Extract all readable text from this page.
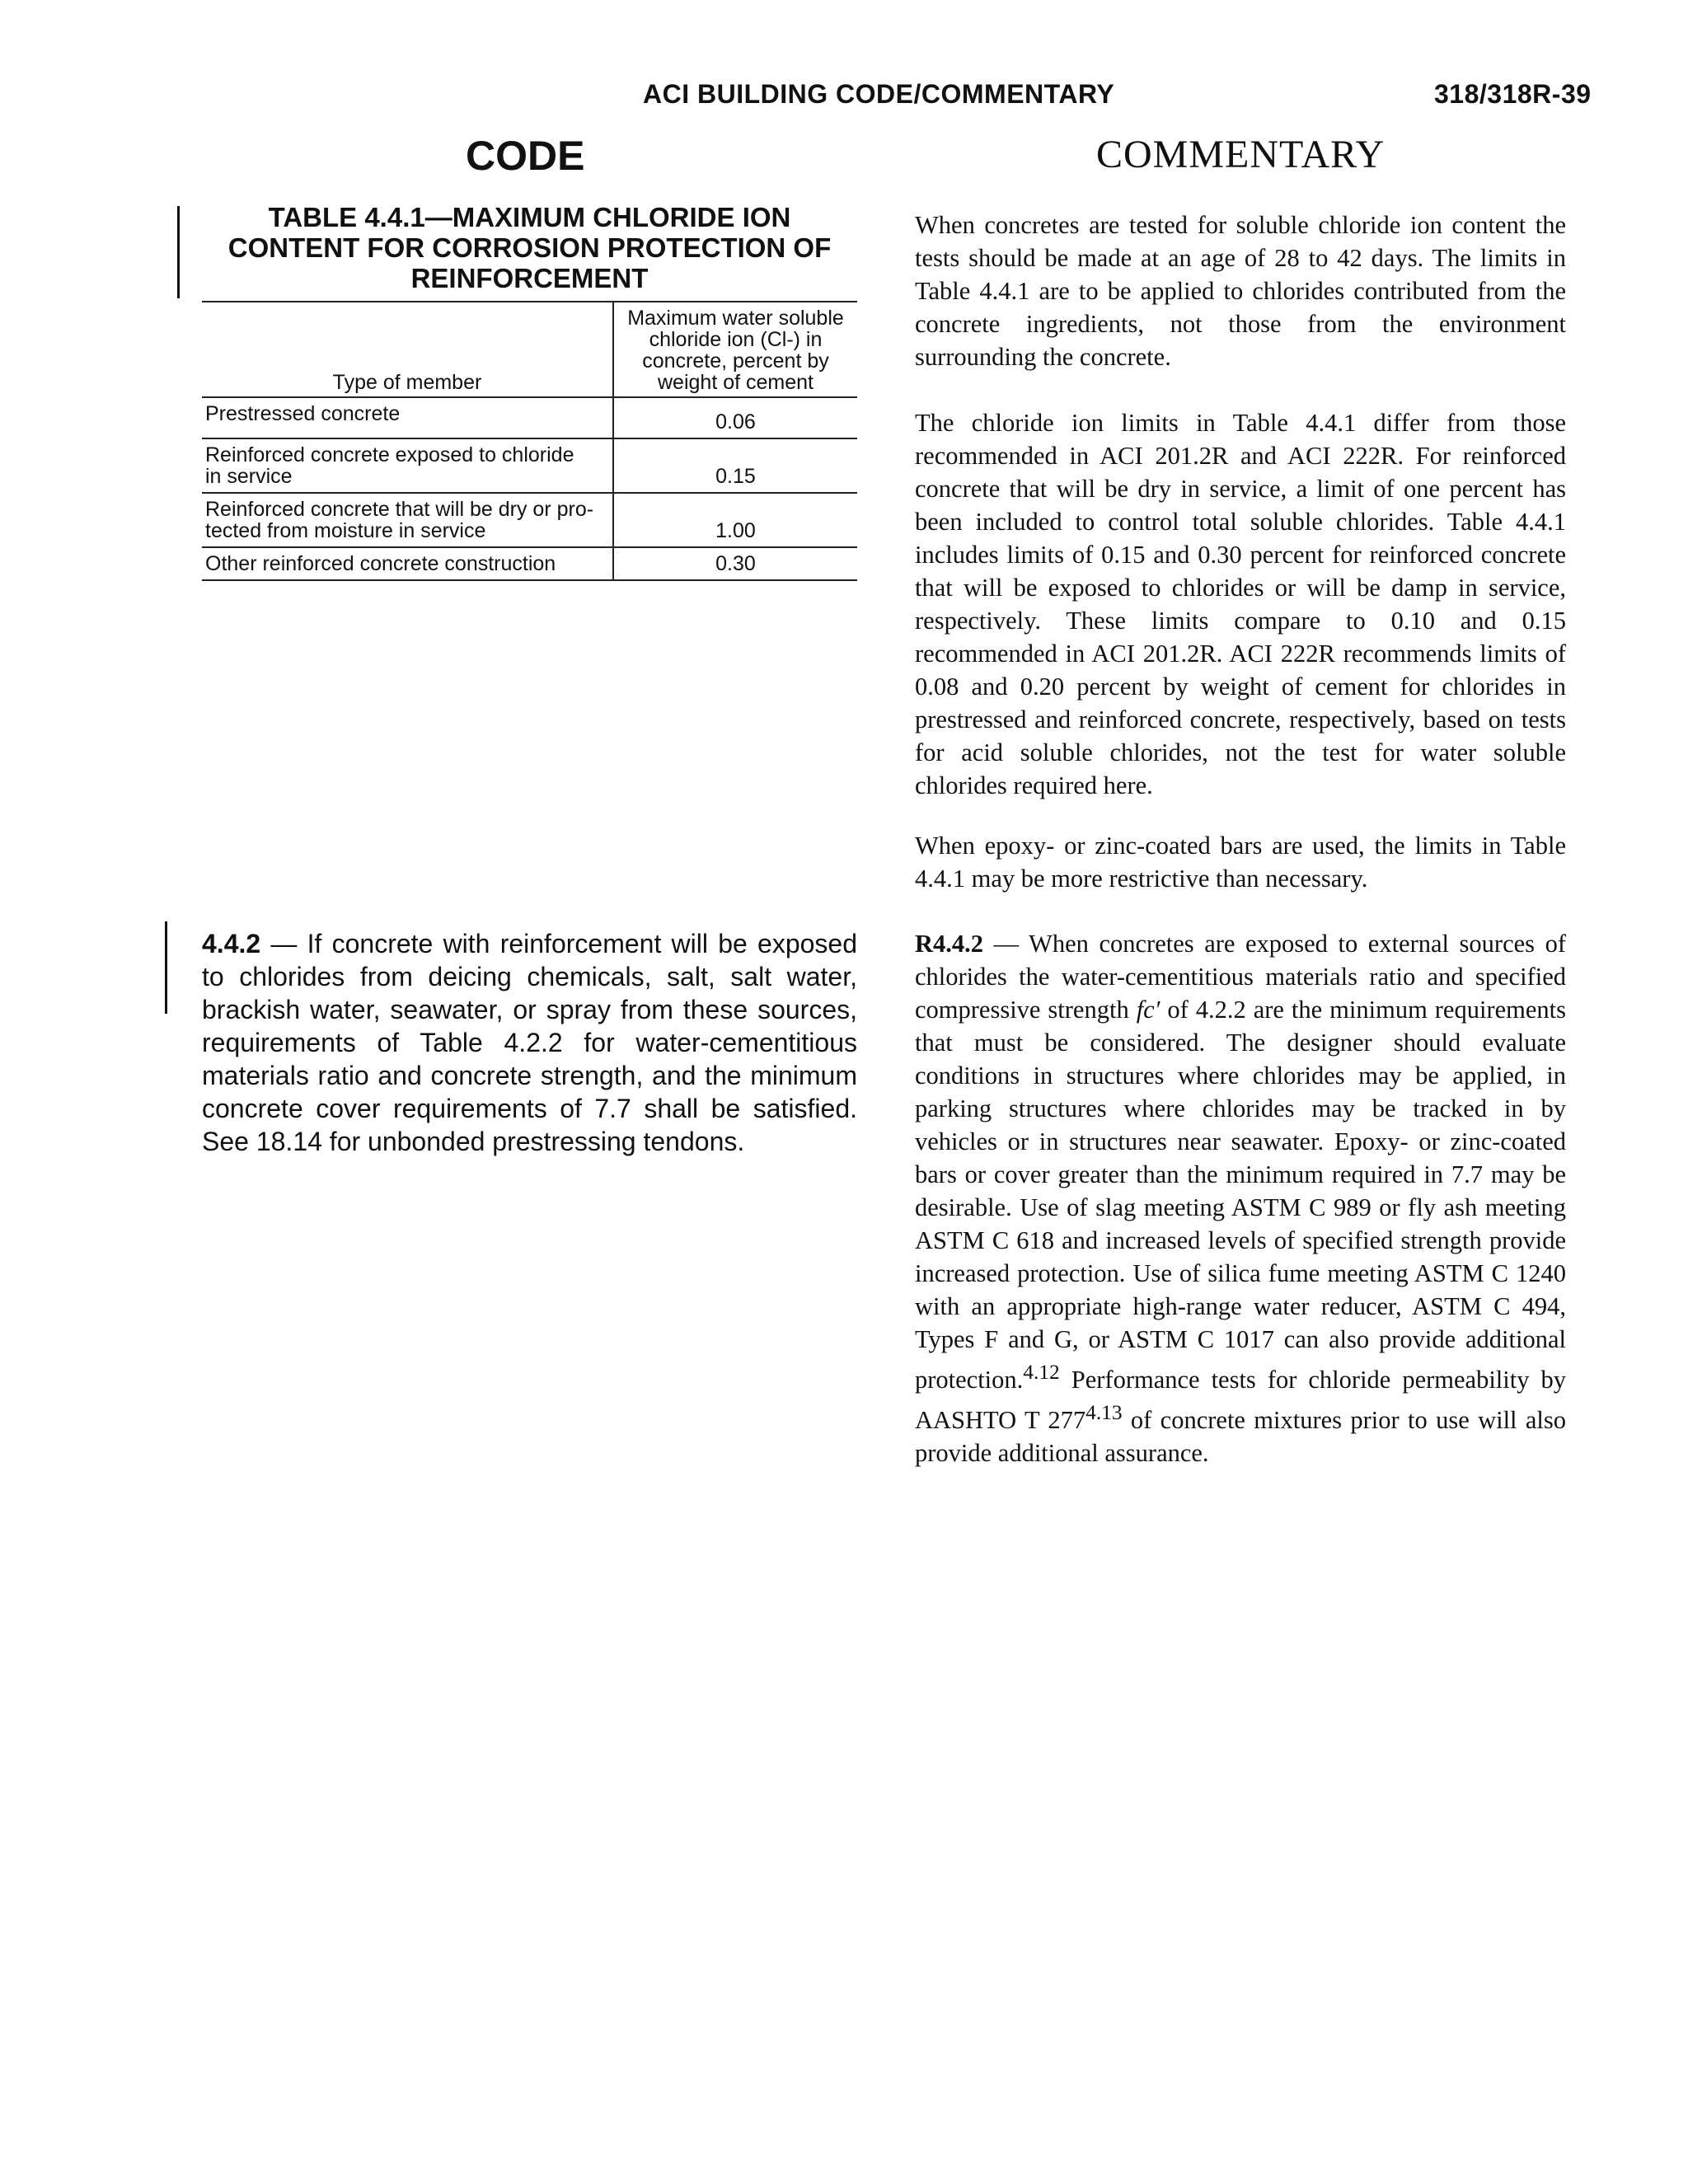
ACI BUILDING CODE/COMMENTARY	318/318R-39
CODE	COMMENTARY
TABLE 4.4.1—MAXIMUM CHLORIDE ION
CONTENT FOR CORROSION PROTECTION OF
REINFORCEMENT
Type of member	Maximum water soluble
chloride ion (Cl-) in
concrete, percent by
weight of cement

Prestressed concrete	0.06

Reinforced concrete exposed to chloride
in service	0.15

Reinforced concrete that will be dry or pro-
tected from moisture in service	1.00

Other reinforced concrete construction	0.30

When concretes are tested for soluble chloride ion content the tests should be made at an age of 28 to 42 days. The limits in Table 4.4.1 are to be applied to chlorides contributed from the concrete ingredients, not those from the environment surrounding the concrete.

The chloride ion limits in Table 4.4.1 differ from those recommended in ACI 201.2R and ACI 222R. For reinforced concrete that will be dry in service, a limit of one percent has been included to control total soluble chlorides. Table 4.4.1 includes limits of 0.15 and 0.30 percent for reinforced concrete that will be exposed to chlorides or will be damp in service, respectively. These limits compare to 0.10 and 0.15 recommended in ACI 201.2R. ACI 222R recommends limits of 0.08 and 0.20 percent by weight of cement for chlorides in prestressed and reinforced concrete, respectively, based on tests for acid soluble chlorides, not the test for water soluble chlorides required here.

When epoxy- or zinc-coated bars are used, the limits in Table 4.4.1 may be more restrictive than necessary.

R4.4.2 — When concretes are exposed to external sources of chlorides the water-cementitious materials ratio and specified compressive strength fc′ of 4.2.2 are the minimum requirements that must be considered. The designer should evaluate conditions in structures where chlorides may be applied, in parking structures where chlorides may be tracked in by vehicles or in structures near seawater. Epoxy- or zinc-coated bars or cover greater than the minimum required in 7.7 may be desirable. Use of slag meeting ASTM C 989 or fly ash meeting ASTM C 618 and increased levels of specified strength provide increased protection. Use of silica fume meeting ASTM C 1240 with an appropriate high-range water reducer, ASTM C 494, Types F and G, or ASTM C 1017 can also provide additional protection.$^{4.12}$ Performance tests for chloride permeability by AASHTO T $277^{4.13}$ of concrete mixtures prior to use will also provide additional assurance.

4.4.2 — If concrete with reinforcement will be exposed to chlorides from deicing chemicals, salt, salt water, brackish water, seawater, or spray from these sources, requirements of Table 4.2.2 for water-cementitious materials ratio and concrete strength, and the minimum concrete cover requirements of 7.7 shall be satisfied. See 18.14 for unbonded prestressing tendons.
